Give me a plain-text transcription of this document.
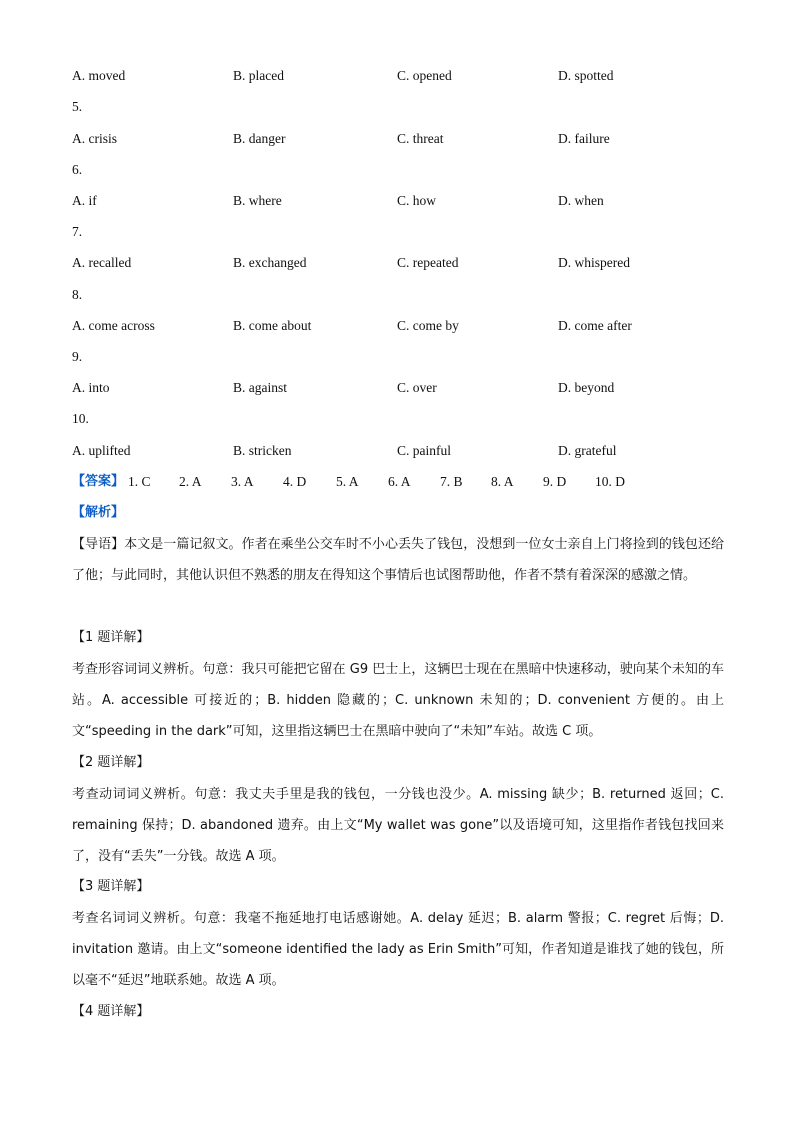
A. moved	B. placed	C. opened	D. spotted
5.
A. crisis	B. danger	C. threat	D. failure
6.
A. if	B. where	C. how	D. when
7.
A. recalled	B. exchanged	C. repeated	D. whispered
8.
A. come across	B. come about	C. come by	D. come after
9.
A. into	B. against	C. over	D. beyond
10.
A. uplifted	B. stricken	C. painful	D. grateful
【答案】 1. C 2. A 3. A 4. D 5. A 6. A 7. B 8. A 9. D 10. D
【解析】
【导语】本文是一篇记叙文。作者在乘坐公交车时不小心丢失了钱包，没想到一位女士亲自上门将捡到的钱包还给了他；与此同时，其他认识但不熟悉的朋友在得知这个事情后也试图帮助他，作者不禁有着深深的感激之情。
【1 题详解】
考查形容词词义辨析。句意：我只可能把它留在 G9 巴士上，这辆巴士现在在黑暗中快速移动，驶向某个未知的车站。A. accessible 可接近的；B. hidden 隐藏的；C. unknown 未知的；D. convenient 方便的。由上文“speeding in the dark”可知，这里指这辆巴士在黑暗中驶向了“未知”车站。故选 C 项。
【2 题详解】
考查动词词义辨析。句意：我丈夫手里是我的钱包，一分钱也没少。A. missing 缺少；B. returned 返回；C. remaining 保持；D. abandoned 遗弃。由上文“My wallet was gone”以及语境可知，这里指作者钱包找回来了，没有“丢失”一分钱。故选 A 项。
【3 题详解】
考查名词词义辨析。句意：我毫不拖延地打电话感谢她。A. delay 延迟；B. alarm 警报；C. regret 后悔；D. invitation 邀请。由上文“someone identified the lady as Erin Smith”可知，作者知道是谁找了她的钱包，所以毫不“延迟”地联系她。故选 A 项。
【4 题详解】
